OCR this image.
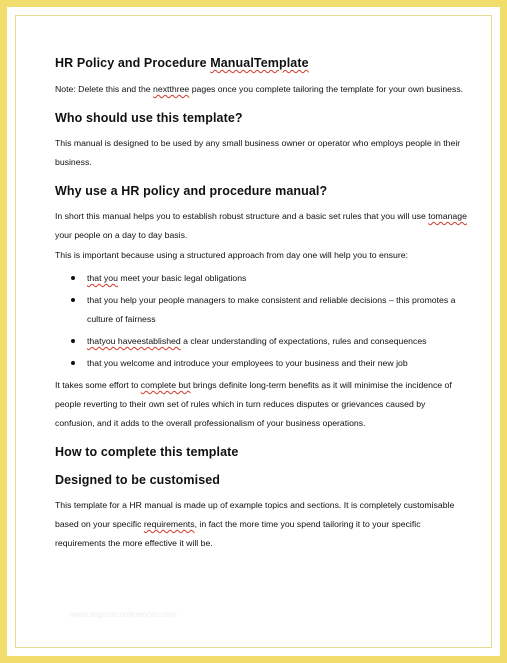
HR Policy and Procedure ManualTemplate

Note: Delete this and the nextthree pages once you complete tailoring the template for your own business.

Who should use this template?

This manual is designed to be used by any small business owner or operator who employs people in their business.

Why use a HR policy and procedure manual?

In short this manual helps you to establish robust structure and a basic set rules that you will use tomanage your people on a day to day basis.

This is important because using a structured approach from day one will help you to ensure:

that you meet your basic legal obligations
that you help your people managers to make consistent and reliable decisions – this promotes a culture of fairness
thatyou haveestablished a clear understanding of expectations, rules and consequences
that you welcome and introduce your employees to your business and their new job

It takes some effort to complete but brings definite long-term benefits as it will minimise the incidence of people reverting to their own set of rules which in turn reduces disputes or grievances caused by confusion, and it adds to the overall professionalism of your business operations.

How to complete this template
Designed to be customised

This template for a HR manual is made up of example topics and sections. It is completely customisable based on your specific requirements, in fact the more time you spend tailoring it to your specific requirements the more effective it will be.

www.aegeanconferences.com
